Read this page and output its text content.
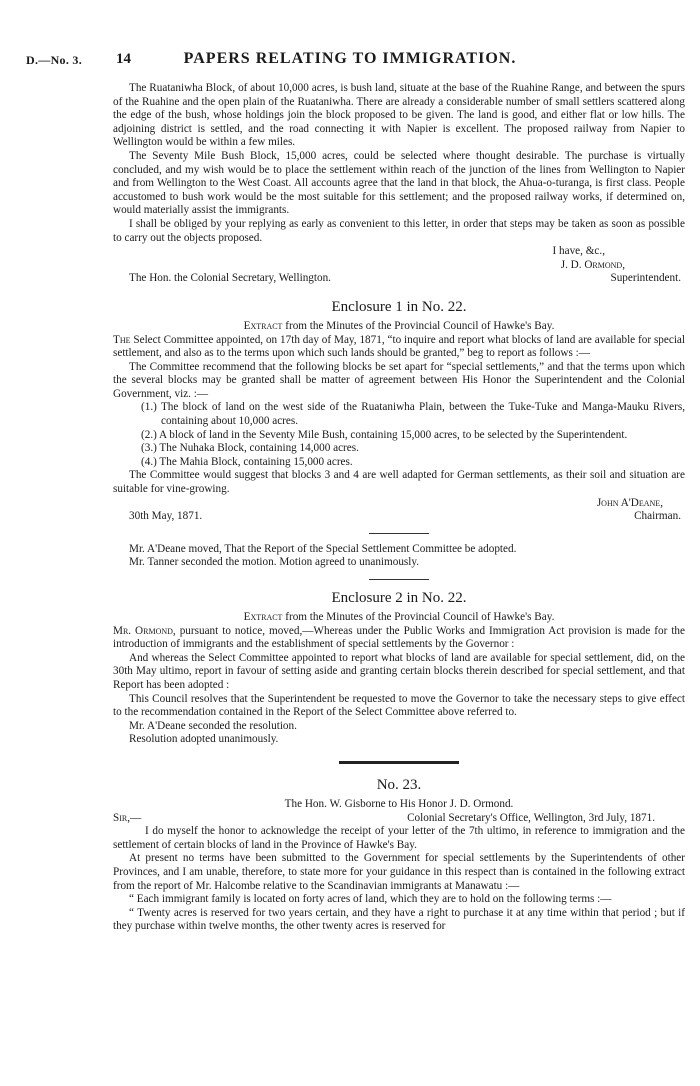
D.—No. 3. 14	PAPERS RELATING TO IMMIGRATION.

The Ruataniwha Block, of about 10,000 acres, is bush land, situate at the base of the Ruahine Range, and between the spurs of the Ruahine and the open plain of the Ruataniwha. There are already a considerable number of small settlers scattered along the edge of the bush, whose holdings join the block proposed to be given. The land is good, and either flat or low hills. The adjoining district is settled, and the road connecting it with Napier is excellent. The proposed railway from Napier to Wellington would be within a few miles.

The Seventy Mile Bush Block, 15,000 acres, could be selected where thought desirable. The purchase is virtually concluded, and my wish would be to place the settlement within reach of the junction of the lines from Wellington to Napier and from Wellington to the West Coast. All accounts agree that the land in that block, the Ahua-o-turanga, is first class. People accustomed to bush work would be the most suitable for this settlement; and the proposed railway works, if determined on, would materially assist the immigrants.

I shall be obliged by your replying as early as convenient to this letter, in order that steps may be taken as soon as possible to carry out the objects proposed.

I have, &c.,

J. D. Ormond,

The Hon. the Colonial Secretary, Wellington.	Superintendent.
Enclosure 1 in No. 22.

Extract from the Minutes of the Provincial Council of Hawke's Bay.

The Select Committee appointed, on 17th day of May, 1871, “to inquire and report what blocks of land are available for special settlement, and also as to the terms upon which such lands should be granted,” beg to report as follows :—

The Committee recommend that the following blocks be set apart for “special settlements,” and that the terms upon which the several blocks may be granted shall be matter of agreement between His Honor the Superintendent and the Colonial Government, viz. :—

(1.) The block of land on the west side of the Ruataniwha Plain, between the Tuke-Tuke and Manga-Mauku Rivers, containing about 10,000 acres.

(2.) A block of land in the Seventy Mile Bush, containing 15,000 acres, to be selected by the Superintendent.

(3.) The Nuhaka Block, containing 14,000 acres.

(4.) The Mahia Block, containing 15,000 acres.

The Committee would suggest that blocks 3 and 4 are well adapted for German settlements, as their soil and situation are suitable for vine-growing.

John A'Deane,

30th May, 1871.	Chairman.

Mr. A'Deane moved, That the Report of the Special Settlement Committee be adopted.

Mr. Tanner seconded the motion. Motion agreed to unanimously.

Enclosure 2 in No. 22.

Extract from the Minutes of the Provincial Council of Hawke's Bay.

Mr. Ormond, pursuant to notice, moved,—Whereas under the Public Works and Immigration Act provision is made for the introduction of immigrants and the establishment of special settlements by the Governor :

And whereas the Select Committee appointed to report what blocks of land are available for special settlement, did, on the 30th May ultimo, report in favour of setting aside and granting certain blocks therein described for special settlement, and that Report has been adopted :

This Council resolves that the Superintendent be requested to move the Governor to take the necessary steps to give effect to the recommendation contained in the Report of the Select Committee above referred to.

Mr. A'Deane seconded the resolution.

Resolution adopted unanimously.

No. 23.

The Hon. W. Gisborne to His Honor J. D. Ormond.

Sir,—	Colonial Secretary's Office, Wellington, 3rd July, 1871.

I do myself the honor to acknowledge the receipt of your letter of the 7th ultimo, in reference to immigration and the settlement of certain blocks of land in the Province of Hawke's Bay.

At present no terms have been submitted to the Government for special settlements by the Superintendents of other Provinces, and I am unable, therefore, to state more for your guidance in this respect than is contained in the following extract from the report of Mr. Halcombe relative to the Scandinavian immigrants at Manawatu :—

“ Each immigrant family is located on forty acres of land, which they are to hold on the following terms :—

“ Twenty acres is reserved for two years certain, and they have a right to purchase it at any time within that period ; but if they purchase within twelve months, the other twenty acres is reserved for
